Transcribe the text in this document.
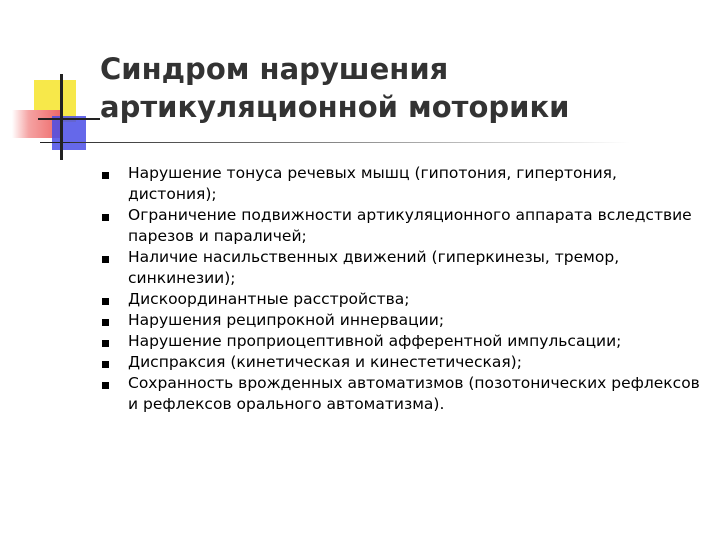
Синдром нарушения
артикуляционной моторики
Нарушение тонуса речевых мышц (гипотония, гипертония, дистония);
Ограничение подвижности артикуляционного аппарата вследствие парезов и параличей;
Наличие насильственных движений (гиперкинезы, тремор, синкинезии);
Дискоординантные расстройства;
Нарушения реципрокной иннервации;
Нарушение проприоцептивной афферентной импульсации;
Диспраксия (кинетическая и кинестетическая);
Сохранность врожденных автоматизмов (позотонических рефлексов и рефлексов орального автоматизма).
